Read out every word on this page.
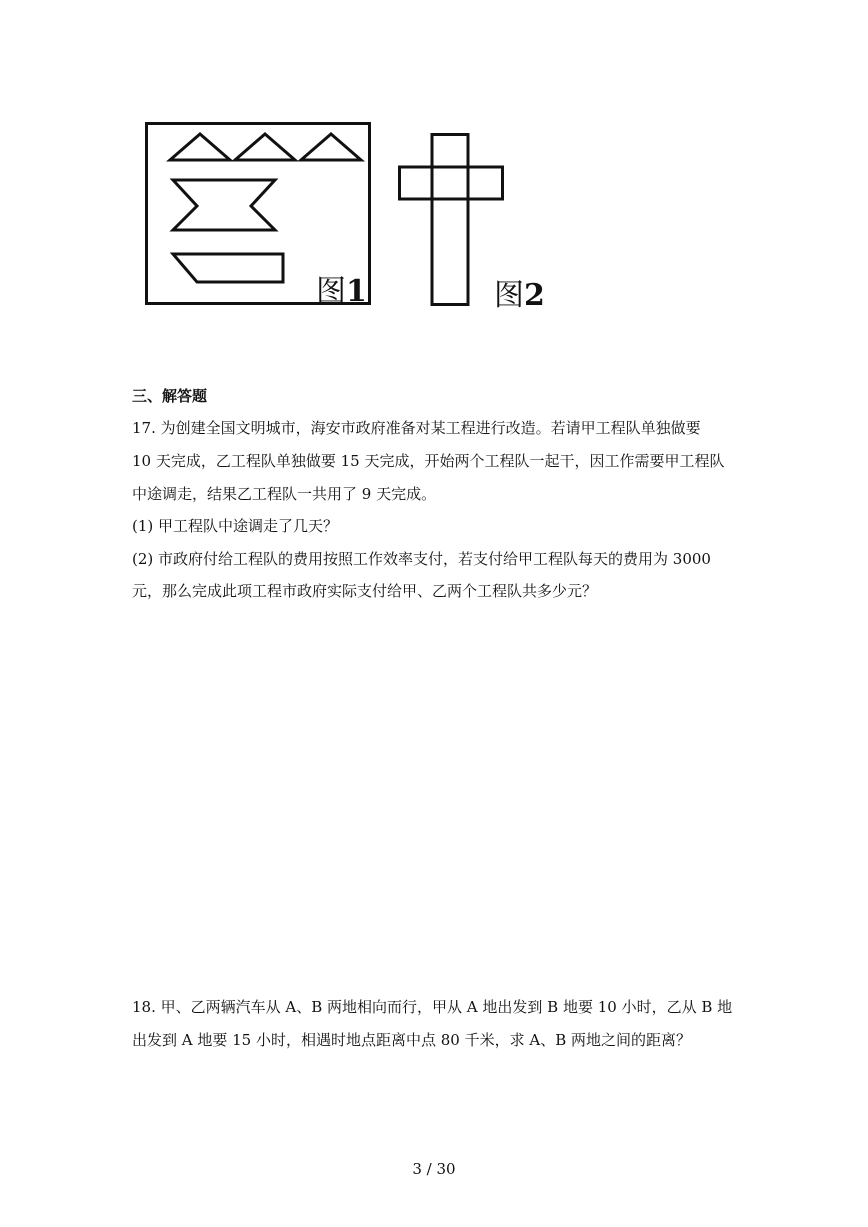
图1	图2
三、解答题
17. 为创建全国文明城市，海安市政府准备对某工程进行改造。若请甲工程队单独做要
10 天完成，乙工程队单独做要 15 天完成，开始两个工程队一起干，因工作需要甲工程队
中途调走，结果乙工程队一共用了 9 天完成。
(1) 甲工程队中途调走了几天？
(2) 市政府付给工程队的费用按照工作效率支付，若支付给甲工程队每天的费用为 3000
元，那么完成此项工程市政府实际支付给甲、乙两个工程队共多少元？
18. 甲、乙两辆汽车从 A、B 两地相向而行，甲从 A 地出发到 B 地要 10 小时，乙从 B 地
出发到 A 地要 15 小时，相遇时地点距离中点 80 千米，求 A、B 两地之间的距离？
3 / 30
